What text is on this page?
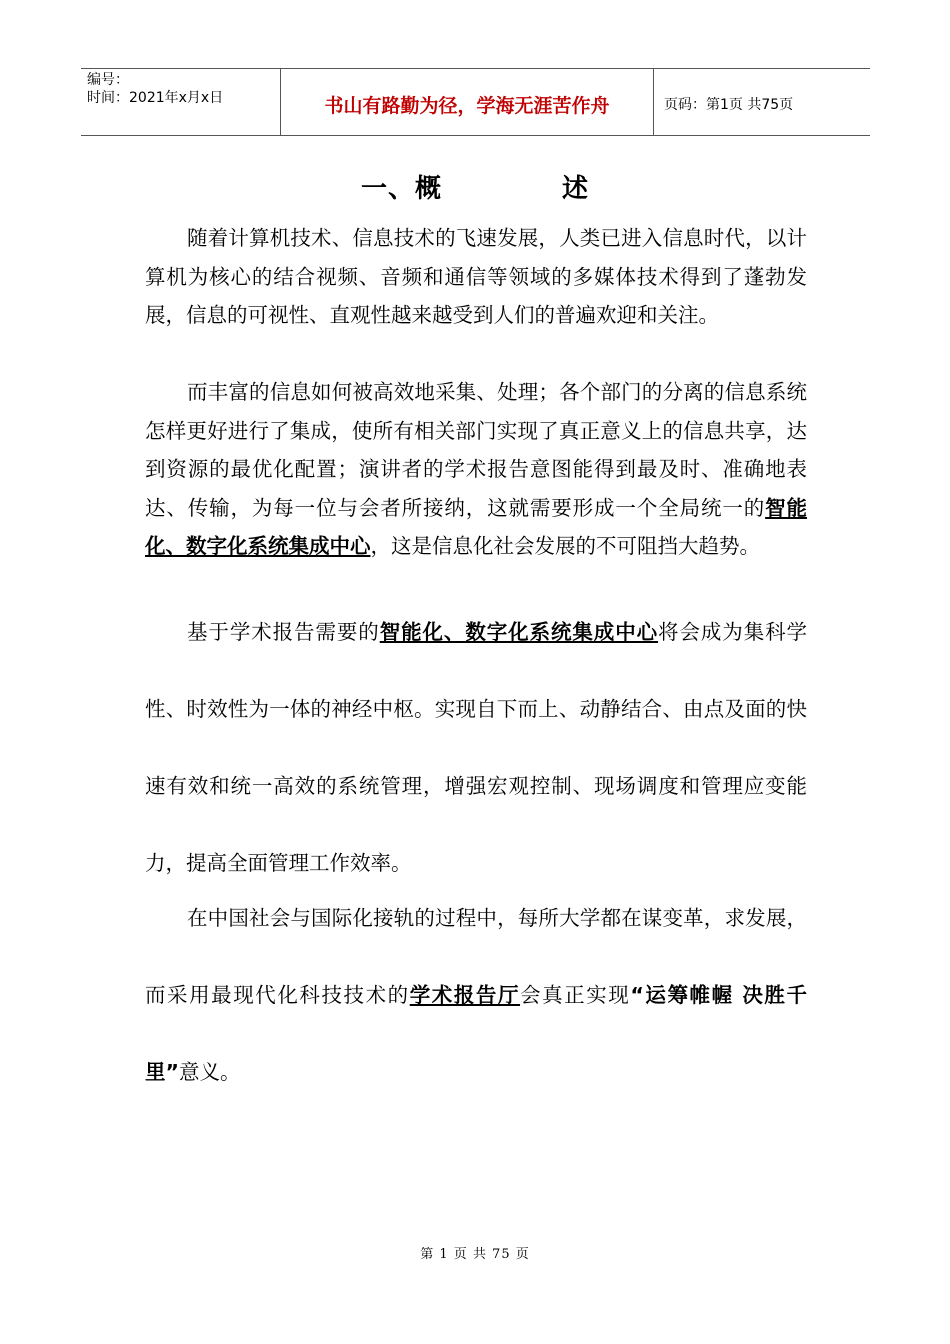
编号：
时间：2021年x月x日	书山有路勤为径，学海无涯苦作舟	页码：第1页 共75页
一、概	述

随着计算机技术、信息技术的飞速发展，人类已进入信息时代，以计算机为核心的结合视频、音频和通信等领域的多媒体技术得到了蓬勃发展，信息的可视性、直观性越来越受到人们的普遍欢迎和关注。

而丰富的信息如何被高效地采集、处理；各个部门的分离的信息系统怎样更好进行了集成，使所有相关部门实现了真正意义上的信息共享，达到资源的最优化配置；演讲者的学术报告意图能得到最及时、准确地表达、传输，为每一位与会者所接纳，这就需要形成一个全局统一的智能化、数字化系统集成中心，这是信息化社会发展的不可阻挡大趋势。

基于学术报告需要的智能化、数字化系统集成中心将会成为集科学性、时效性为一体的神经中枢。实现自下而上、动静结合、由点及面的快速有效和统一高效的系统管理，增强宏观控制、现场调度和管理应变能力，提高全面管理工作效率。

在中国社会与国际化接轨的过程中，每所大学都在谋变革，求发展，而采用最现代化科技技术的学术报告厅会真正实现“运筹帷幄 决胜千里”意义。

第 1 页 共 75 页
